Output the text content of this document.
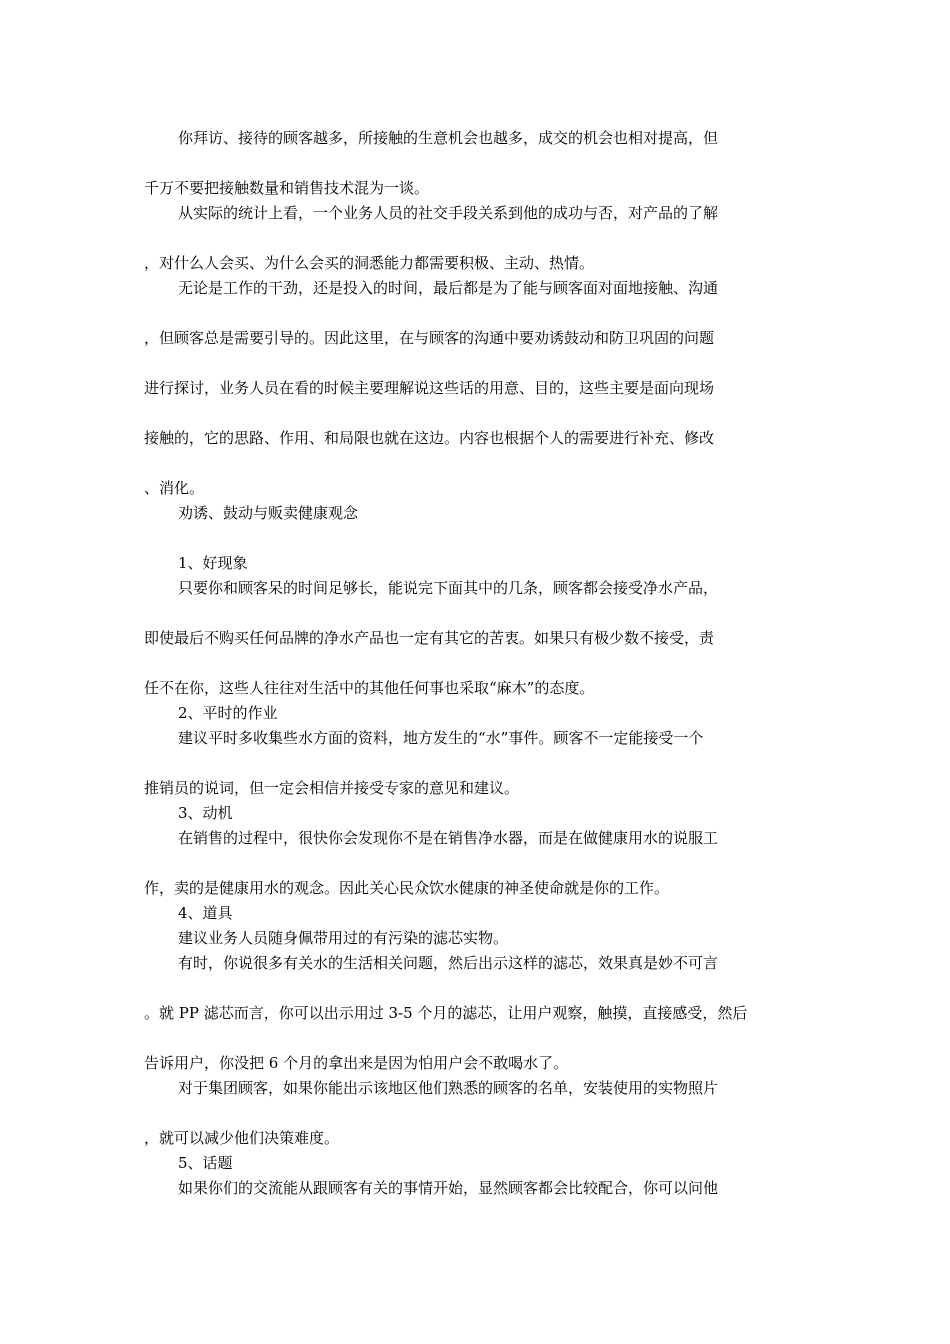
你拜访、接待的顾客越多，所接触的生意机会也越多，成交的机会也相对提高，但
千万不要把接触数量和销售技术混为一谈。
从实际的统计上看，一个业务人员的社交手段关系到他的成功与否，对产品的了解
，对什么人会买、为什么会买的洞悉能力都需要积极、主动、热情。
无论是工作的干劲，还是投入的时间，最后都是为了能与顾客面对面地接触、沟通
，但顾客总是需要引导的。因此这里，在与顾客的沟通中要劝诱鼓动和防卫巩固的问题
进行探讨，业务人员在看的时候主要理解说这些话的用意、目的，这些主要是面向现场
接触的，它的思路、作用、和局限也就在这边。内容也根据个人的需要进行补充、修改
、消化。
劝诱、鼓动与贩卖健康观念
1、好现象
只要你和顾客呆的时间足够长，能说完下面其中的几条，顾客都会接受净水产品，
即使最后不购买任何品牌的净水产品也一定有其它的苦衷。如果只有极少数不接受，责
任不在你，这些人往往对生活中的其他任何事也采取“麻木”的态度。
2、平时的作业
建议平时多收集些水方面的资料，地方发生的“水”事件。顾客不一定能接受一个
推销员的说词，但一定会相信并接受专家的意见和建议。
3、动机
在销售的过程中，很快你会发现你不是在销售净水器，而是在做健康用水的说服工
作，卖的是健康用水的观念。因此关心民众饮水健康的神圣使命就是你的工作。
4、道具
建议业务人员随身佩带用过的有污染的滤芯实物。
有时，你说很多有关水的生活相关问题，然后出示这样的滤芯，效果真是妙不可言
。就 PP 滤芯而言，你可以出示用过 3-5 个月的滤芯，让用户观察，触摸，直接感受，然后
告诉用户，你没把 6 个月的拿出来是因为怕用户会不敢喝水了。
对于集团顾客，如果你能出示该地区他们熟悉的顾客的名单，安装使用的实物照片
，就可以减少他们决策难度。
5、话题
如果你们的交流能从跟顾客有关的事情开始，显然顾客都会比较配合，你可以问他
